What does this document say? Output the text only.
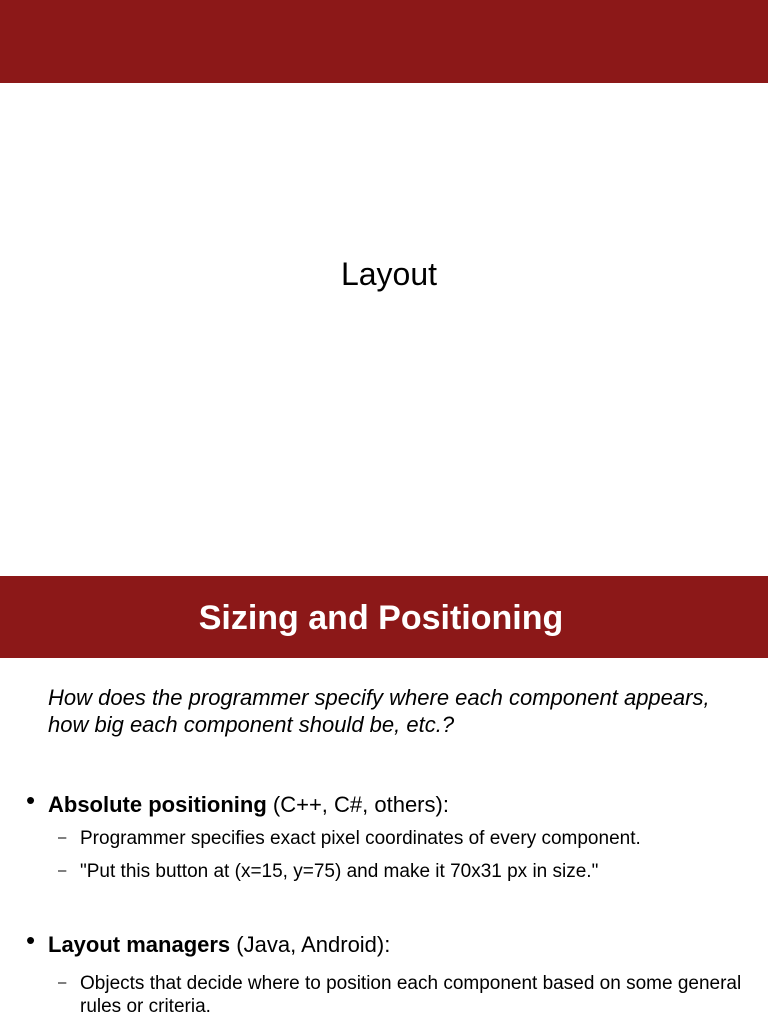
Layout
Sizing and Positioning
How does the programmer specify where each component appears, how big each component should be, etc.?
• Absolute positioning (C++, C#, others):
– Programmer specifies exact pixel coordinates of every component.
– "Put this button at (x=15, y=75) and make it 70x31 px in size."
• Layout managers (Java, Android):
– Objects that decide where to position each component based on some general rules or criteria.
